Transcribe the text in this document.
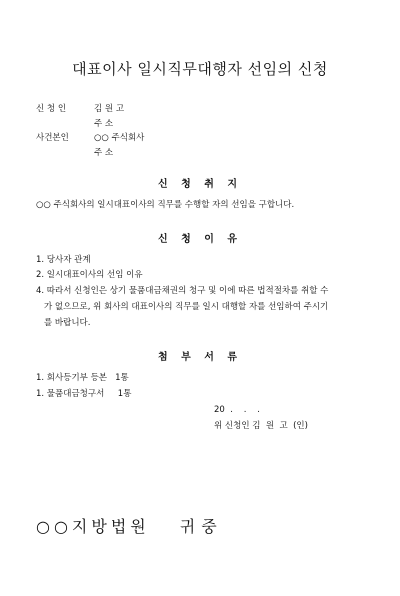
대표이사 일시직무대행자 선임의 신청
신 청 인	김 원 고
주 소
사건본인	○○ 주식회사
주 소
신 청 취 지
○○ 주식회사의 일시대표이사의 직무를 수행할 자의 선임을 구합니다.
신 청 이 유
1. 당사자 관계
2. 일시대표이사의 선임 이유
4. 따라서 신청인은 상기 물품대금채권의 청구 및 이에 따른 법적절차를 취할 수
가 없으므로, 위 회사의 대표이사의 직무를 일시 대행할 자를 선임하여 주시기
를 바랍니다.
첨 부 서 류
1. 회사등기부 등본   1통
1. 물품대금청구서     1통
20  .    .    .
위 신청인 김  원  고  (인)
○○지방법원 귀중
